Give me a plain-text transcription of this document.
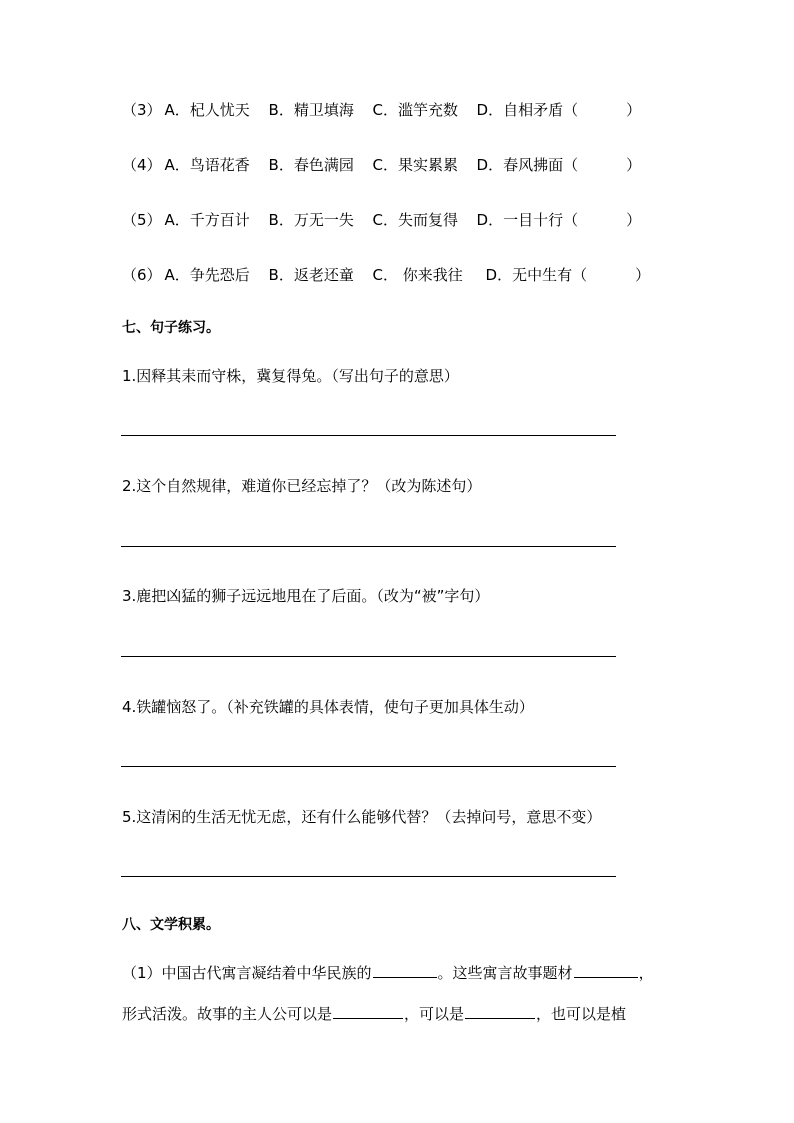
（3） A．杞人忧天 B．精卫填海 C．滥竽充数 D．自相矛盾（	）
（4） A．鸟语花香 B．春色满园 C．果实累累 D．春风拂面（	）
（5） A．千方百计 B．万无一失 C．失而复得 D．一目十行（	）
（6） A．争先恐后 B．返老还童 C． 你来我往 D．无中生有（	）
七、句子练习。
1.因释其耒而守株，冀复得兔。（写出句子的意思）
2.这个自然规律，难道你已经忘掉了？（改为陈述句）
3.鹿把凶猛的狮子远远地甩在了后面。（改为“被”字句）
4.铁罐恼怒了。（补充铁罐的具体表情，使句子更加具体生动）
5.这清闲的生活无忧无虑，还有什么能够代替？（去掉问号，意思不变）
八、文学积累。
（1）中国古代寓言凝结着中华民族的	。这些寓言故事题材	，
形式活泼。故事的主人公可以是	，可以是	，也可以是植
